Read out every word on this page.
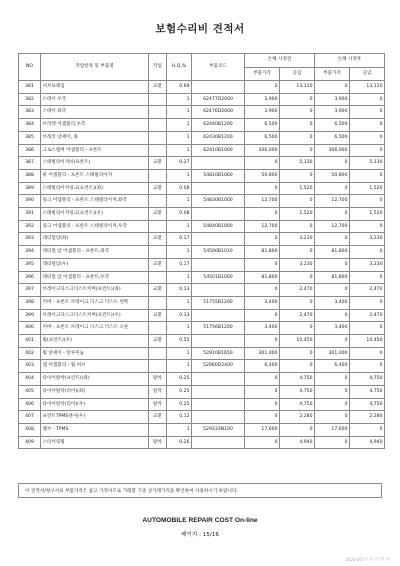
보험수리비 견적서
NO	작업항목 및 부품명	작업	H,Q,%	부품코드	손해 사정전		손해 사정후	
					부품가격	공임	부품가격	공임
381	서브프레임	교환	0.69		0	13,110	0	13,110
382	스테이 우측		1	62477D2000	3,900	0	3,900	0
383	스테이 좌측		1	62476D2000	3,900	0	3,900	0
384	브라켓 어셈블리,우측		1	62440B1200	6,500	0	6,500	0
385	브래킷 앗세이, 좌		1	62430B1200	6,500	0	6,500	0
386	크로스멤버 어셈블리 - 프론트		1	62410B1000	306,000	0	306,000	0
387	스태빌라이저바(프론트)	교환	0.27		0	5,130	0	5,130
388	바 어셈블리 - 프론트 스태빌라이저		1	54810B1060	50,800	0	50,800	0
389	스태빌라이저링크(프런트)(좌)	교환	0.08		0	1,520	0	1,520
390	링크 어셈블리 - 프론트 스태빌라이저,좌측		1	54830B1000	12,700	0	12,700	0
391	스태빌라이저링크(프런트)(우)	교환	0.08		0	1,520	0	1,520
392	링크 어셈블리 - 프론트 스태빌라이저,우측		1	54840B1000	12,700	0	12,700	0
393	래터럴암(좌)	교환	0.17		0	3,230	0	3,230
394	래터럴 암 어셈블리 - 프론트,좌측		1	54500B1010	81,800	0	81,800	0
395	래터럴암(우)	교환	0.17		0	3,230	0	3,230
396	래터럴 암 어셈블리 - 프론트,우측		1	54501B1000	81,800	0	81,800	0
397	브레이크디스크더스트커버(프런트)(좌)	교환	0.13		0	2,470	0	2,470
398	커버 - 프론트 브레이크 디스크 더스트 왼쪽		1	51755B1200	3,400	0	3,400	0
399	브레이크디스크더스트커버(프런트)(우)	교환	0.13		0	2,470	0	2,470
400	커버 - 프론트 브레이크 디스크 더스트 오른		1	51756B1200	3,400	0	3,400	0
401	휠(프런트)(우)	교환	0.55		0	10,450	0	10,450
402	휠 앗세이 - 알루미늄		1	52910B1650	301,000	0	301,000	0
403	캡 어셈블리 - 휠 허브		1	52960D2400	6,400	0	6,400	0
404	타이어탈착(프런트)(좌)	탈착	0.25		0	4,750	0	4,750
405	타이어탈착(리어)(좌)	탈착	0.25		0	4,750	0	4,750
406	타이어탈착(리어)(우)	탈착	0.25		0	4,750	0	4,750
407	프런트TPMS센서(우)	교환	0.12		0	2,280	0	2,280
408	밸브 - TPMS		1	529333N100	17,600	0	17,600	0
409	스티어링휠	탈착	0.26		0	4,940	0	4,940
이 견적서/청구서의 부품가격은 참고 가격이므로 거래할 기준 상가래가격을 확인하여 사용하시기 바랍니다.
AUTOMOBILE REPAIR COST On-line
페이지 : 15/16
2024-00-?? ?? ??:??:??
